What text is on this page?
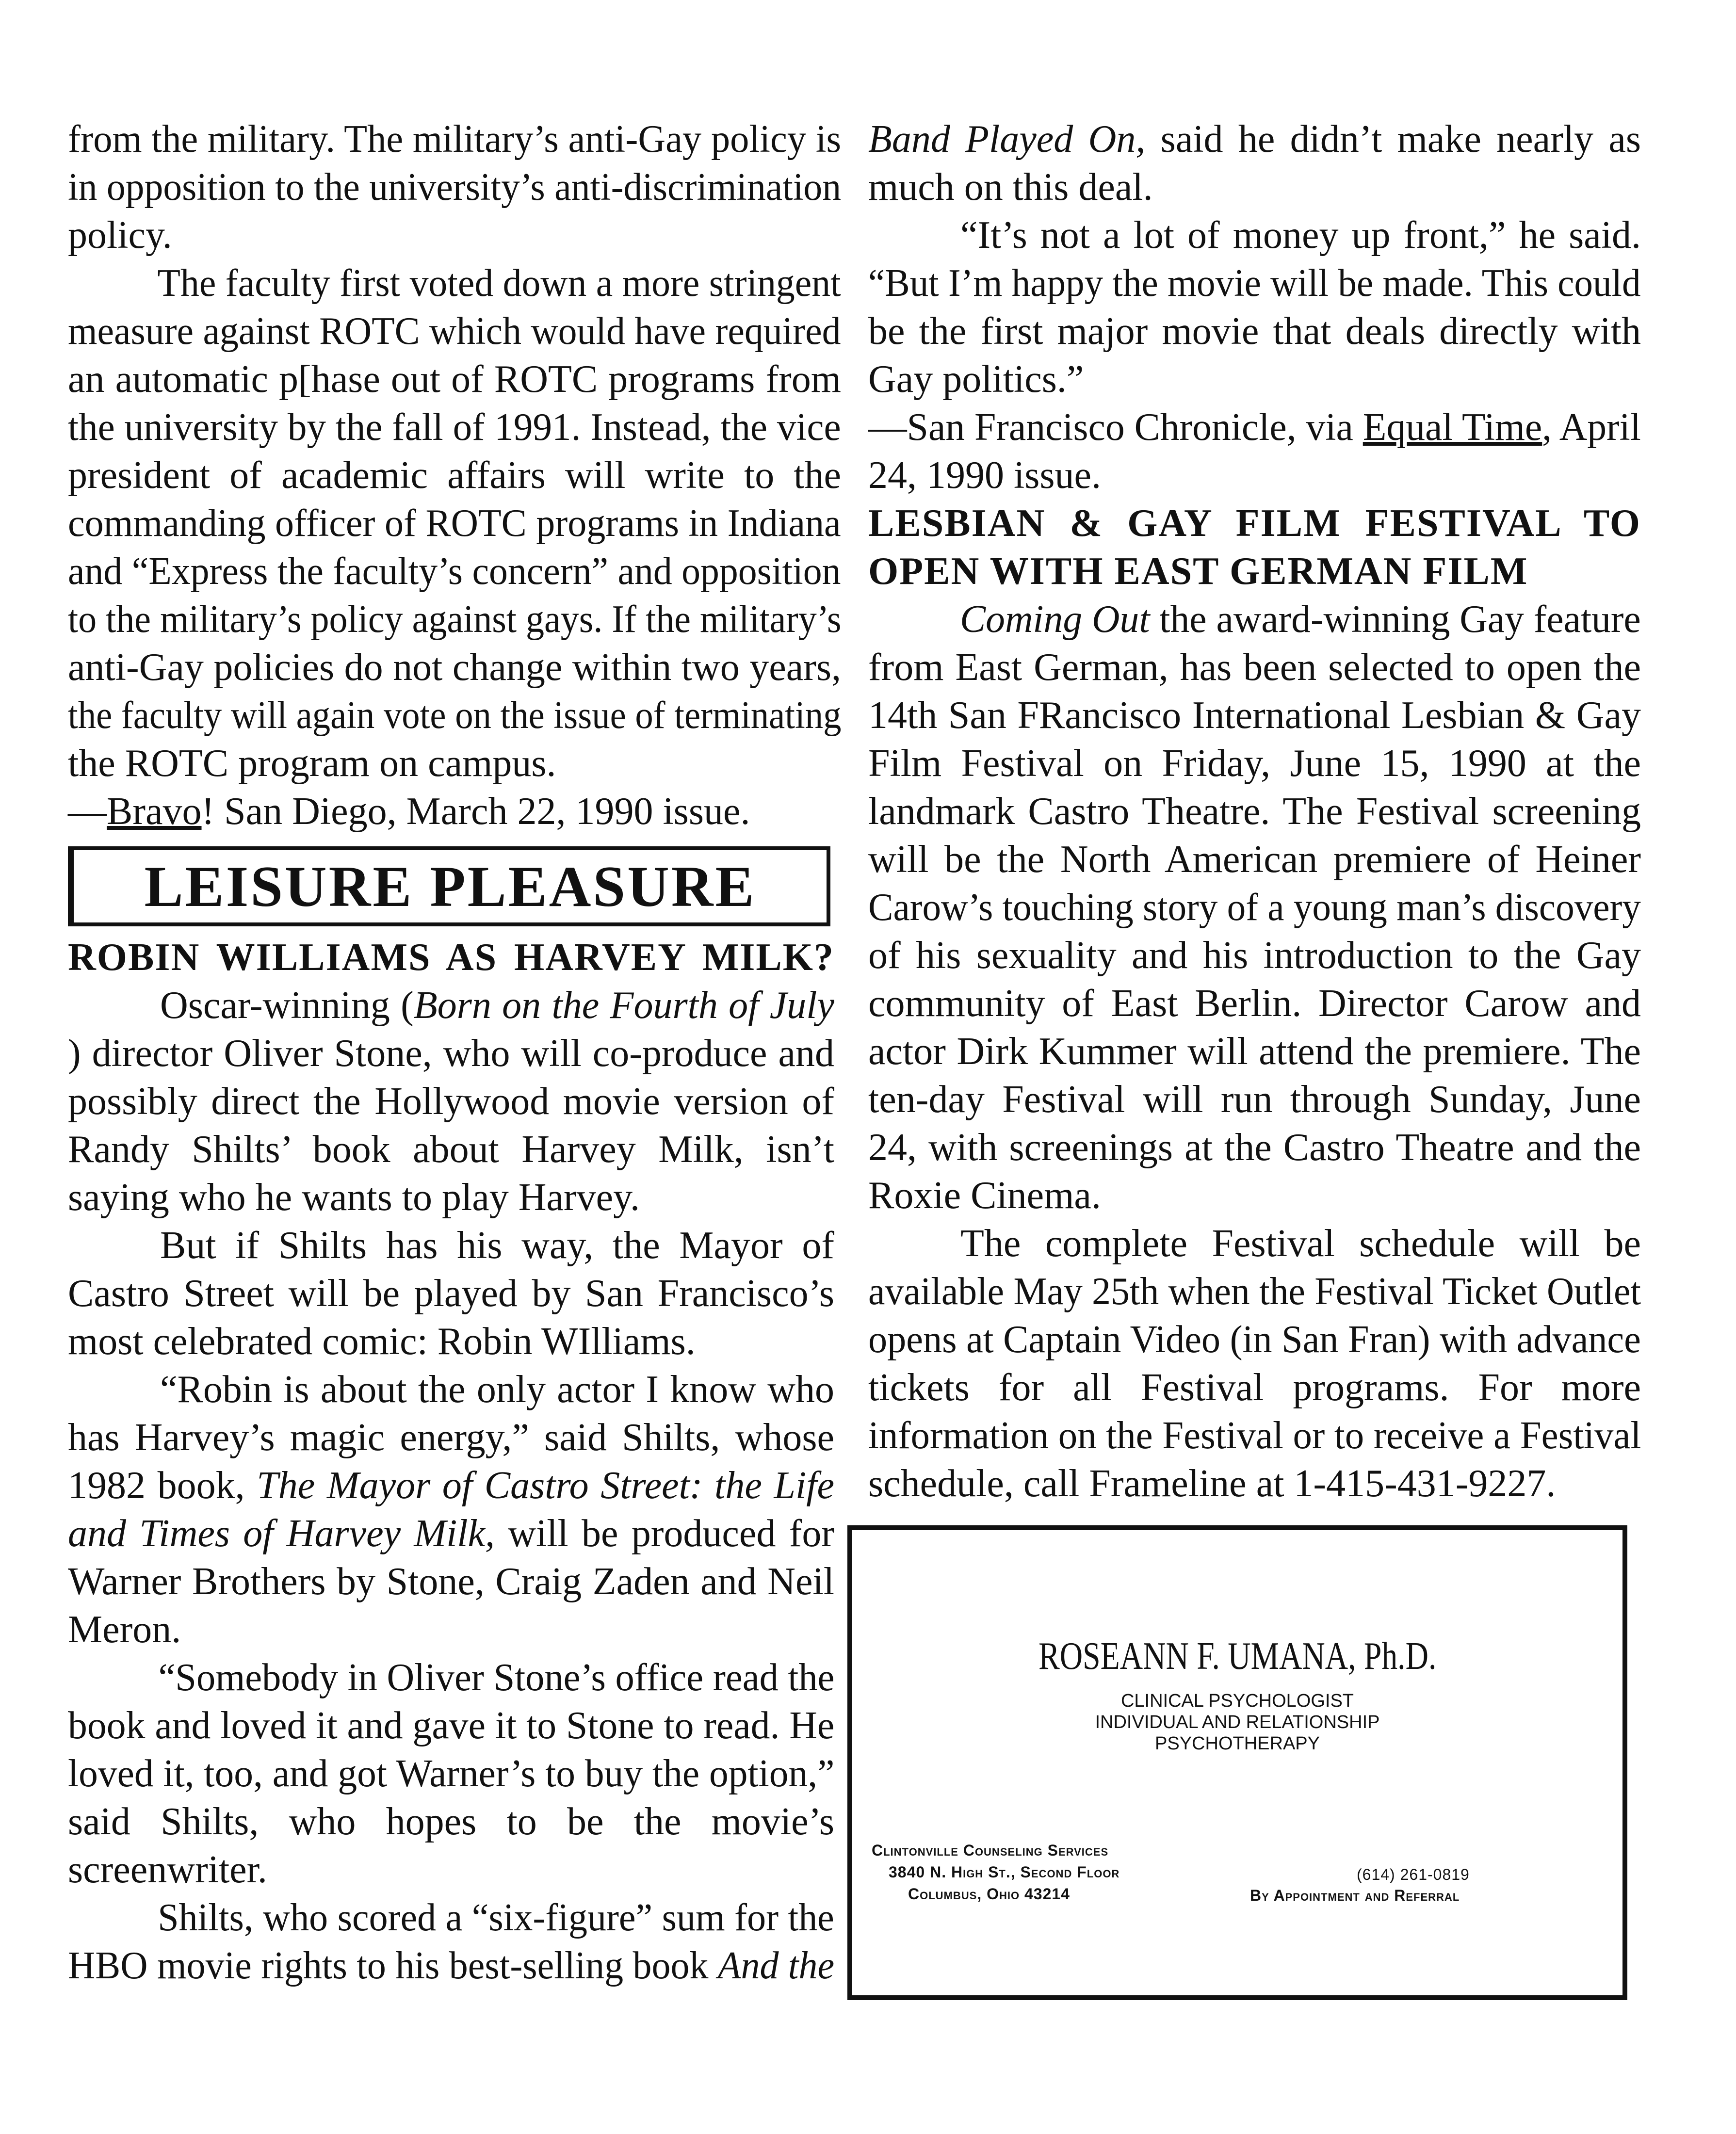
from the military. The military’s anti-Gay policy is
in opposition to the university’s anti-discrimination
policy.
The faculty first voted down a more stringent
measure against ROTC which would have required
an automatic p[hase out of ROTC programs from
the university by the fall of 1991. Instead, the vice
president of academic affairs will write to the
commanding officer of ROTC programs in Indiana
and “Express the faculty’s concern” and opposition
to the military’s policy against gays. If the military’s
anti-Gay policies do not change within two years,
the faculty will again vote on the issue of terminating
the ROTC program on campus.
—Bravo! San Diego, March 22, 1990 issue.
LEISURE PLEASURE
ROBIN WILLIAMS AS HARVEY MILK?
Oscar-winning (Born on the Fourth of July
) director Oliver Stone, who will co-produce and
possibly direct the Hollywood movie version of
Randy Shilts’ book about Harvey Milk, isn’t
saying who he wants to play Harvey.
But if Shilts has his way, the Mayor of
Castro Street will be played by San Francisco’s
most celebrated comic: Robin WIlliams.
“Robin is about the only actor I know who
has Harvey’s magic energy,” said Shilts, whose
1982 book, The Mayor of Castro Street: the Life
and Times of Harvey Milk, will be produced for
Warner Brothers by Stone, Craig Zaden and Neil
Meron.
“Somebody in Oliver Stone’s office read the
book and loved it and gave it to Stone to read. He
loved it, too, and got Warner’s to buy the option,”
said Shilts, who hopes to be the movie’s
screenwriter.
Shilts, who scored a “six-figure” sum for the
HBO movie rights to his best-selling book And the
Band Played On, said he didn’t make nearly as
much on this deal.
“It’s not a lot of money up front,” he said.
“But I’m happy the movie will be made. This could
be the first major movie that deals directly with
Gay politics.”
—San Francisco Chronicle, via Equal Time, April
24, 1990 issue.
LESBIAN & GAY FILM FESTIVAL TO
OPEN WITH EAST GERMAN FILM
Coming Out the award-winning Gay feature
from East German, has been selected to open the
14th San FRancisco International Lesbian & Gay
Film Festival on Friday, June 15, 1990 at the
landmark Castro Theatre. The Festival screening
will be the North American premiere of Heiner
Carow’s touching story of a young man’s discovery
of his sexuality and his introduction to the Gay
community of East Berlin. Director Carow and
actor Dirk Kummer will attend the premiere. The
ten-day Festival will run through Sunday, June
24, with screenings at the Castro Theatre and the
Roxie Cinema.
The complete Festival schedule will be
available May 25th when the Festival Ticket Outlet
opens at Captain Video (in San Fran) with advance
tickets for all Festival programs. For more
information on the Festival or to receive a Festival
schedule, call Frameline at 1-415-431-9227.
ROSEANN F. UMANA, Ph.D.
CLINICAL PSYCHOLOGIST
INDIVIDUAL AND RELATIONSHIP
PSYCHOTHERAPY
Clintonville Counseling Services
3840 N. High St., Second Floor
Columbus, Ohio 43214
(614) 261-0819
By Appointment and Referral
